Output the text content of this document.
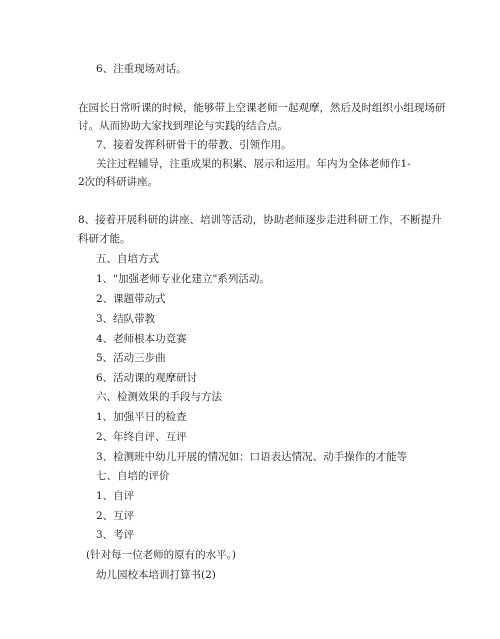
6、注重现场对话。
在园长日常听课的时候，能够带上空课老师一起观摩，然后及时组织小组现场研
讨。从而协助大家找到理论与实践的结合点。
7、接着发挥科研骨干的带教、引领作用。
关注过程辅导，注重成果的积累、展示和运用。年内为全体老师作1-
2次的科研讲座。
8、接着开展科研的讲座、培训等活动，协助老师逐步走进科研工作，不断提升
科研才能。
五、自培方式
1、"加强老师专业化建立"系列活动。
2、课题带动式
3、结队带教
4、老师根本功竞赛
5、活动三步曲
6、活动课的观摩研讨
六、检测效果的手段与方法
1、加强平日的检查
2、年终自评、互评
3、检测班中幼儿开展的情况如：口语表达情况、动手操作的才能等
七、自培的评价
1、自评
2、互评
3、考评
(针对每一位老师的原有的水平。)
幼儿园校本培训打算书(2)
